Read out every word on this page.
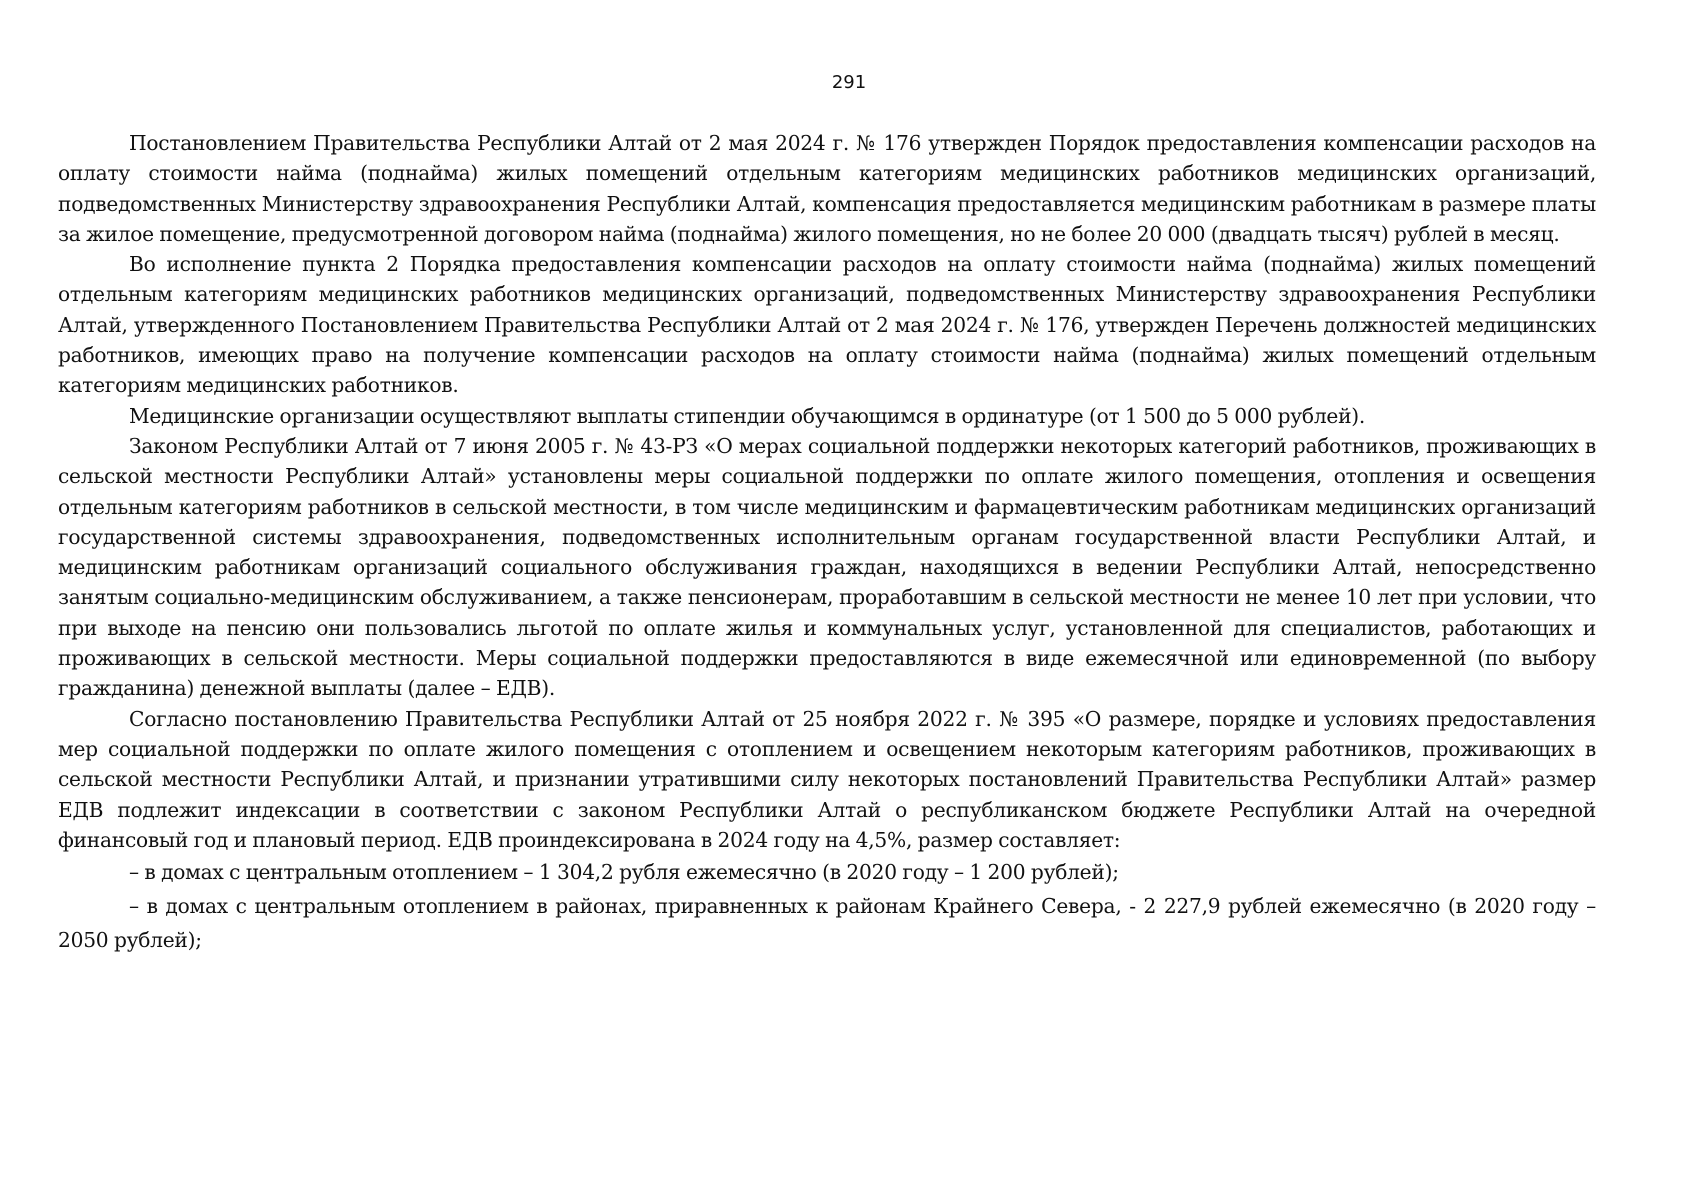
291

Постановлением Правительства Республики Алтай от 2 мая 2024 г. № 176 утвержден Порядок предоставления компенсации расходов на оплату стоимости найма (поднайма) жилых помещений отдельным категориям медицинских работников медицинских организаций, подведомственных Министерству здравоохранения Республики Алтай, компенсация предоставляется медицинским работникам в размере платы за жилое помещение, предусмотренной договором найма (поднайма) жилого помещения, но не более 20 000 (двадцать тысяч) рублей в месяц.

Во исполнение пункта 2 Порядка предоставления компенсации расходов на оплату стоимости найма (поднайма) жилых помещений отдельным категориям медицинских работников медицинских организаций, подведомственных Министерству здравоохранения Республики Алтай, утвержденного Постановлением Правительства Республики Алтай от 2 мая 2024 г. № 176, утвержден Перечень должностей медицинских работников, имеющих право на получение компенсации расходов на оплату стоимости найма (поднайма) жилых помещений отдельным категориям медицинских работников.

Медицинские организации осуществляют выплаты стипендии обучающимся в ординатуре (от 1 500 до 5 000 рублей).

Законом Республики Алтай от 7 июня 2005 г. № 43-РЗ «О мерах социальной поддержки некоторых категорий работников, проживающих в сельской местности Республики Алтай» установлены меры социальной поддержки по оплате жилого помещения, отопления и освещения отдельным категориям работников в сельской местности, в том числе медицинским и фармацевтическим работникам медицинских организаций государственной системы здравоохранения, подведомственных исполнительным органам государственной власти Республики Алтай, и медицинским работникам организаций социального обслуживания граждан, находящихся в ведении Республики Алтай, непосредственно занятым социально-медицинским обслуживанием, а также пенсионерам, проработавшим в сельской местности не менее 10 лет при условии, что при выходе на пенсию они пользовались льготой по оплате жилья и коммунальных услуг, установленной для специалистов, работающих и проживающих в сельской местности. Меры социальной поддержки предоставляются в виде ежемесячной или единовременной (по выбору гражданина) денежной выплаты (далее – ЕДВ).

Согласно постановлению Правительства Республики Алтай от 25 ноября 2022 г. № 395 «О размере, порядке и условиях предоставления мер социальной поддержки по оплате жилого помещения с отоплением и освещением некоторым категориям работников, проживающих в сельской местности Республики Алтай, и признании утратившими силу некоторых постановлений Правительства Республики Алтай» размер ЕДВ подлежит индексации в соответствии с законом Республики Алтай о республиканском бюджете Республики Алтай на очередной финансовый год и плановый период. ЕДВ проиндексирована в 2024 году на 4,5%, размер составляет:

– в домах с центральным отоплением – 1 304,2 рубля ежемесячно (в 2020 году – 1 200 рублей);

– в домах с центральным отоплением в районах, приравненных к районам Крайнего Севера, - 2 227,9 рублей ежемесячно (в 2020 году – 2050 рублей);
